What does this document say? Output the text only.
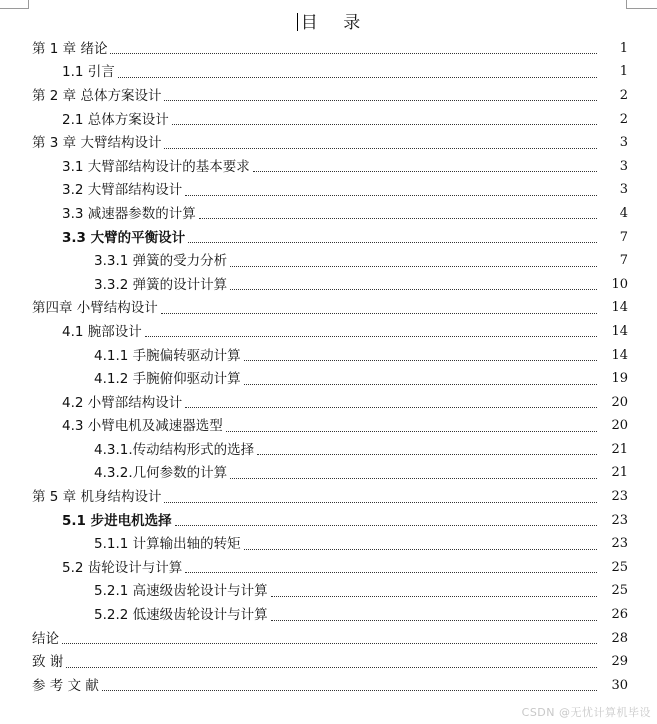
目 录
第 1 章 绪论	1
1.1 引言	1
第 2 章 总体方案设计	2
2.1 总体方案设计	2
第 3 章 大臂结构设计	3
3.1 大臂部结构设计的基本要求	3
3.2 大臂部结构设计	3
3.3 减速器参数的计算	4
3.3 大臂的平衡设计	7
3.3.1 弹簧的受力分析	7
3.3.2 弹簧的设计计算	10
第四章 小臂结构设计	14
4.1 腕部设计	14
4.1.1 手腕偏转驱动计算	14
4.1.2 手腕俯仰驱动计算	19
4.2 小臂部结构设计	20
4.3 小臂电机及减速器选型	20
4.3.1.传动结构形式的选择	21
4.3.2.几何参数的计算	21
第 5 章 机身结构设计	23
5.1 步进电机选择	23
5.1.1 计算输出轴的转矩	23
5.2 齿轮设计与计算	25
5.2.1 高速级齿轮设计与计算	25
5.2.2 低速级齿轮设计与计算	26
结论	28
致 谢	29
参 考 文 献	30
CSDN @无忧计算机毕设
